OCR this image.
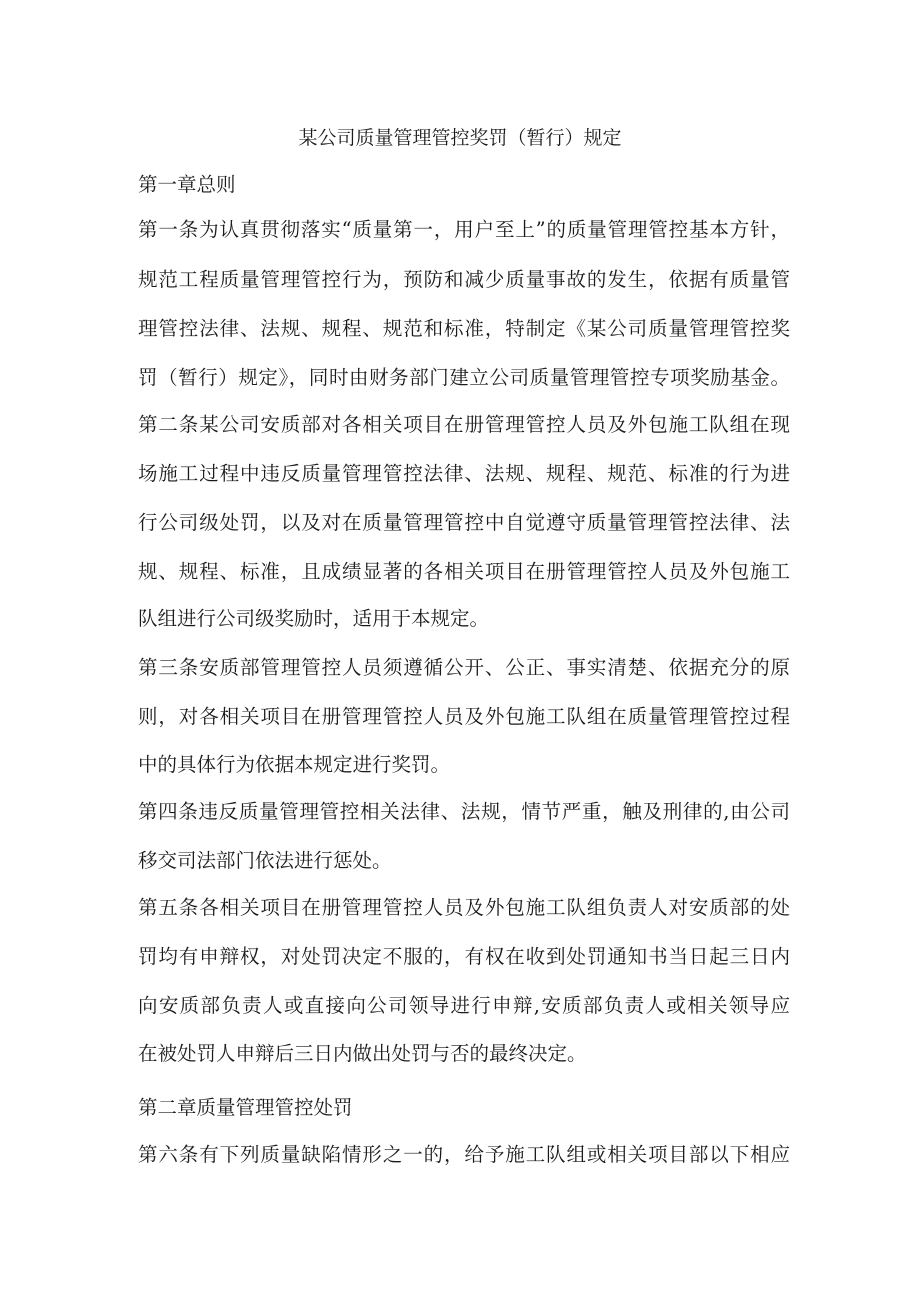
某公司质量管理管控奖罚（暂行）规定
第一章总则
第一条为认真贯彻落实“质量第一，用户至上”的质量管理管控基本方针，
规范工程质量管理管控行为，预防和减少质量事故的发生，依据有质量管
理管控法律、法规、规程、规范和标准，特制定《某公司质量管理管控奖
罚（暂行）规定》，同时由财务部门建立公司质量管理管控专项奖励基金。
第二条某公司安质部对各相关项目在册管理管控人员及外包施工队组在现
场施工过程中违反质量管理管控法律、法规、规程、规范、标准的行为进
行公司级处罚，以及对在质量管理管控中自觉遵守质量管理管控法律、法
规、规程、标准，且成绩显著的各相关项目在册管理管控人员及外包施工
队组进行公司级奖励时，适用于本规定。
第三条安质部管理管控人员须遵循公开、公正、事实清楚、依据充分的原
则，对各相关项目在册管理管控人员及外包施工队组在质量管理管控过程
中的具体行为依据本规定进行奖罚。
第四条违反质量管理管控相关法律、法规，情节严重，触及刑律的,由公司
移交司法部门依法进行惩处。
第五条各相关项目在册管理管控人员及外包施工队组负责人对安质部的处
罚均有申辩权，对处罚决定不服的，有权在收到处罚通知书当日起三日内
向安质部负责人或直接向公司领导进行申辩,安质部负责人或相关领导应
在被处罚人申辩后三日内做出处罚与否的最终决定。
第二章质量管理管控处罚
第六条有下列质量缺陷情形之一的，给予施工队组或相关项目部以下相应
